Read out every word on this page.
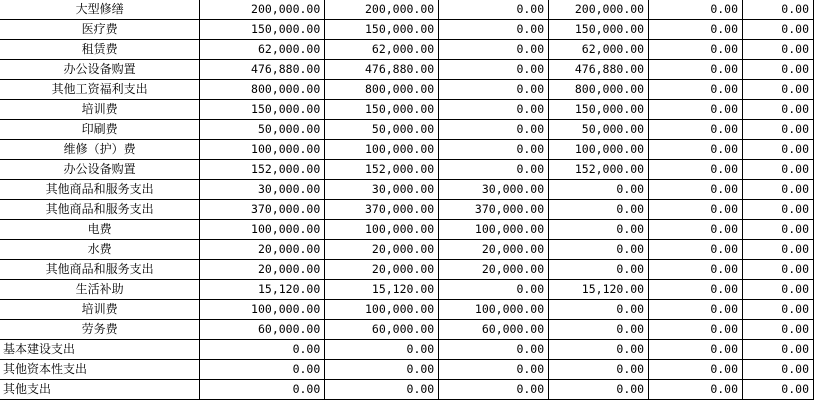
大型修缮	200,000.00	200,000.00	0.00	200,000.00	0.00	0.00
医疗费	150,000.00	150,000.00	0.00	150,000.00	0.00	0.00
租赁费	62,000.00	62,000.00	0.00	62,000.00	0.00	0.00
办公设备购置	476,880.00	476,880.00	0.00	476,880.00	0.00	0.00
其他工资福利支出	800,000.00	800,000.00	0.00	800,000.00	0.00	0.00
培训费	150,000.00	150,000.00	0.00	150,000.00	0.00	0.00
印刷费	50,000.00	50,000.00	0.00	50,000.00	0.00	0.00
维修（护）费	100,000.00	100,000.00	0.00	100,000.00	0.00	0.00
办公设备购置	152,000.00	152,000.00	0.00	152,000.00	0.00	0.00
其他商品和服务支出	30,000.00	30,000.00	30,000.00	0.00	0.00	0.00
其他商品和服务支出	370,000.00	370,000.00	370,000.00	0.00	0.00	0.00
电费	100,000.00	100,000.00	100,000.00	0.00	0.00	0.00
水费	20,000.00	20,000.00	20,000.00	0.00	0.00	0.00
其他商品和服务支出	20,000.00	20,000.00	20,000.00	0.00	0.00	0.00
生活补助	15,120.00	15,120.00	0.00	15,120.00	0.00	0.00
培训费	100,000.00	100,000.00	100,000.00	0.00	0.00	0.00
劳务费	60,000.00	60,000.00	60,000.00	0.00	0.00	0.00
基本建设支出	0.00	0.00	0.00	0.00	0.00	0.00
其他资本性支出	0.00	0.00	0.00	0.00	0.00	0.00
其他支出	0.00	0.00	0.00	0.00	0.00	0.00
